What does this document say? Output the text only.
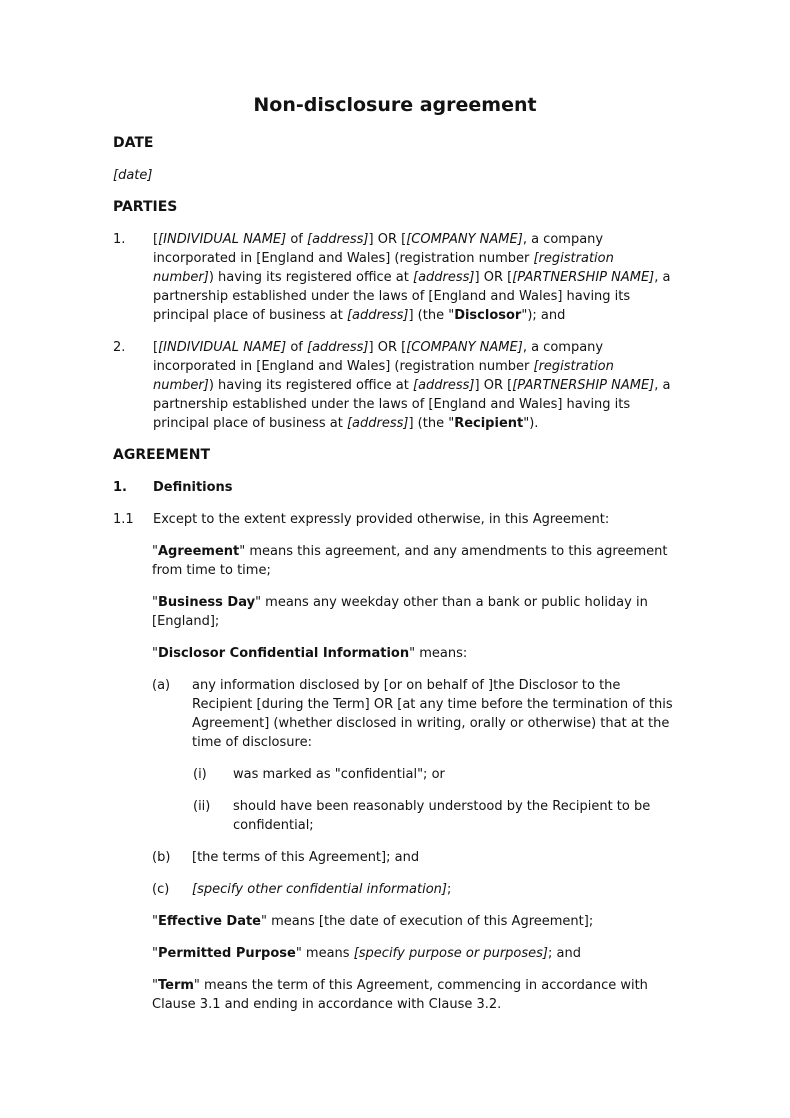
Non-disclosure agreement
DATE
[date]
PARTIES
1.	[[INDIVIDUAL NAME] of [address]] OR [[COMPANY NAME], a company incorporated in [England and Wales] (registration number [registration number]) having its registered office at [address]] OR [[PARTNERSHIP NAME], a partnership established under the laws of [England and Wales] having its principal place of business at [address]] (the "Disclosor"); and
2.	[[INDIVIDUAL NAME] of [address]] OR [[COMPANY NAME], a company incorporated in [England and Wales] (registration number [registration number]) having its registered office at [address]] OR [[PARTNERSHIP NAME], a partnership established under the laws of [England and Wales] having its principal place of business at [address]] (the "Recipient").
AGREEMENT
1.	Definitions
1.1	Except to the extent expressly provided otherwise, in this Agreement:
"Agreement" means this agreement, and any amendments to this agreement from time to time;
"Business Day" means any weekday other than a bank or public holiday in [England];
"Disclosor Confidential Information" means:
(a)	any information disclosed by [or on behalf of ]the Disclosor to the Recipient [during the Term] OR [at any time before the termination of this Agreement] (whether disclosed in writing, orally or otherwise) that at the time of disclosure:
(i)	was marked as "confidential"; or
(ii)	should have been reasonably understood by the Recipient to be confidential;
(b)	[the terms of this Agreement]; and
(c)	[specify other confidential information];
"Effective Date" means [the date of execution of this Agreement];
"Permitted Purpose" means [specify purpose or purposes]; and
"Term" means the term of this Agreement, commencing in accordance with Clause 3.1 and ending in accordance with Clause 3.2.
